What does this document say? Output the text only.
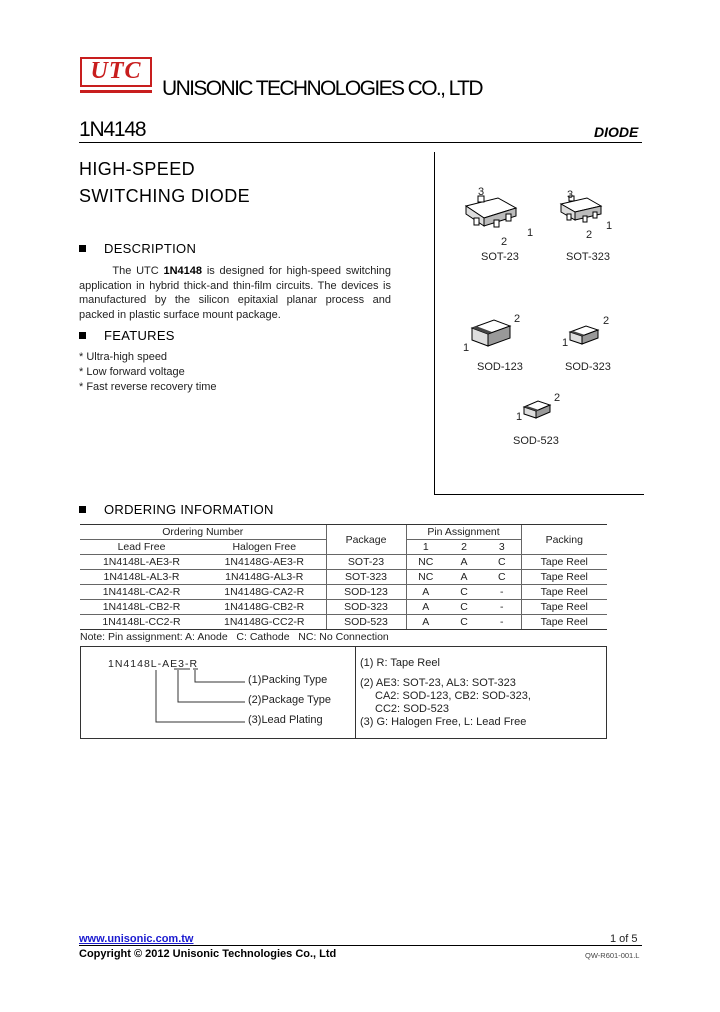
UTC
UNISONIC TECHNOLOGIES CO., LTD
1N4148	DIODE
HIGH-SPEED
SWITCHING DIODE
DESCRIPTION
The UTC 1N4148 is designed for high-speed switching application in hybrid thick-and thin-film circuits. The devices is manufactured by the silicon epitaxial planar process and packed in plastic surface mount package.
FEATURES
* Ultra-high speed
* Low forward voltage
* Fast reverse recovery time
3
1
2
SOT-23
3
1
2
SOT-323
2
1
SOD-123
2
1
SOD-323
2
1
SOD-523
ORDERING INFORMATION
Ordering Number		Package	Pin Assignment			Packing
Lead Free	Halogen Free		1	2	3	
1N4148L-AE3-R	1N4148G-AE3-R	SOT-23	NC	A	C	Tape Reel
1N4148L-AL3-R	1N4148G-AL3-R	SOT-323	NC	A	C	Tape Reel
1N4148L-CA2-R	1N4148G-CA2-R	SOD-123	A	C	-	Tape Reel
1N4148L-CB2-R	1N4148G-CB2-R	SOD-323	A	C	-	Tape Reel
1N4148L-CC2-R	1N4148G-CC2-R	SOD-523	A	C	-	Tape Reel
Note: Pin assignment: A: Anode   C: Cathode   NC: No Connection
1N4148L-AE3-R
(1)Packing Type
(2)Package Type
(3)Lead Plating
(1) R: Tape Reel
(2) AE3: SOT-23, AL3: SOT-323
CA2: SOD-123, CB2: SOD-323,
CC2: SOD-523
(3) G: Halogen Free, L: Lead Free
www.unisonic.com.tw	1 of 5
Copyright © 2012 Unisonic Technologies Co., Ltd	QW-R601-001.L
